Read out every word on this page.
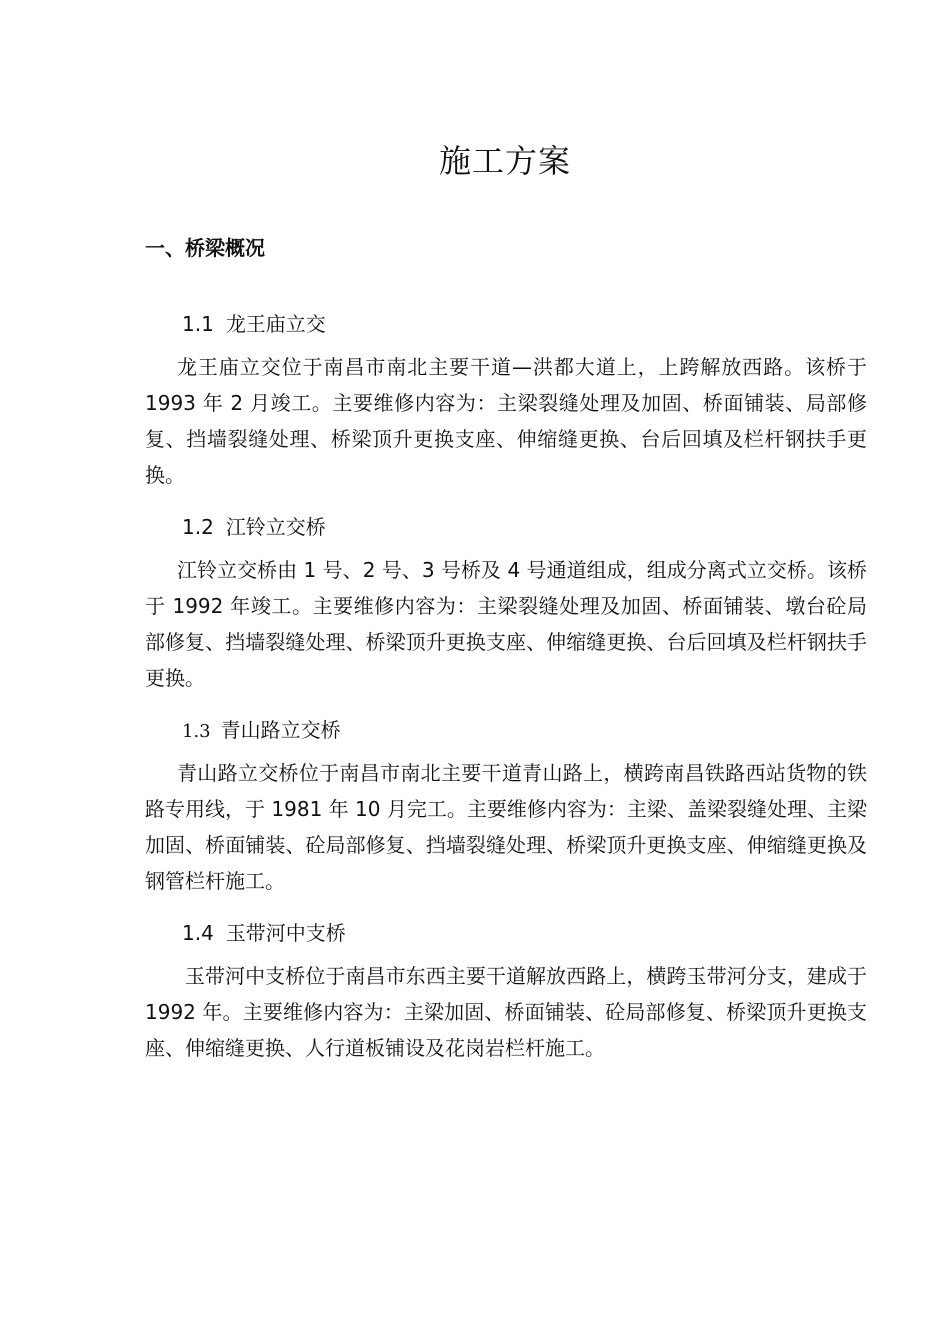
施工方案
一、桥梁概况
1.1 龙王庙立交
龙王庙立交位于南昌市南北主要干道—洪都大道上，上跨解放西路。该桥于 1993 年 2 月竣工。主要维修内容为：主梁裂缝处理及加固、桥面铺装、局部修复、挡墙裂缝处理、桥梁顶升更换支座、伸缩缝更换、台后回填及栏杆钢扶手更换。
1.2 江铃立交桥
江铃立交桥由 1 号、2 号、3 号桥及 4 号通道组成，组成分离式立交桥。该桥于 1992 年竣工。主要维修内容为：主梁裂缝处理及加固、桥面铺装、墩台砼局部修复、挡墙裂缝处理、桥梁顶升更换支座、伸缩缝更换、台后回填及栏杆钢扶手更换。
1.3 青山路立交桥
青山路立交桥位于南昌市南北主要干道青山路上，横跨南昌铁路西站货物的铁路专用线，于 1981 年 10 月完工。主要维修内容为：主梁、盖梁裂缝处理、主梁加固、桥面铺装、砼局部修复、挡墙裂缝处理、桥梁顶升更换支座、伸缩缝更换及钢管栏杆施工。
1.4 玉带河中支桥
玉带河中支桥位于南昌市东西主要干道解放西路上，横跨玉带河分支，建成于 1992 年。主要维修内容为：主梁加固、桥面铺装、砼局部修复、桥梁顶升更换支座、伸缩缝更换、人行道板铺设及花岗岩栏杆施工。
